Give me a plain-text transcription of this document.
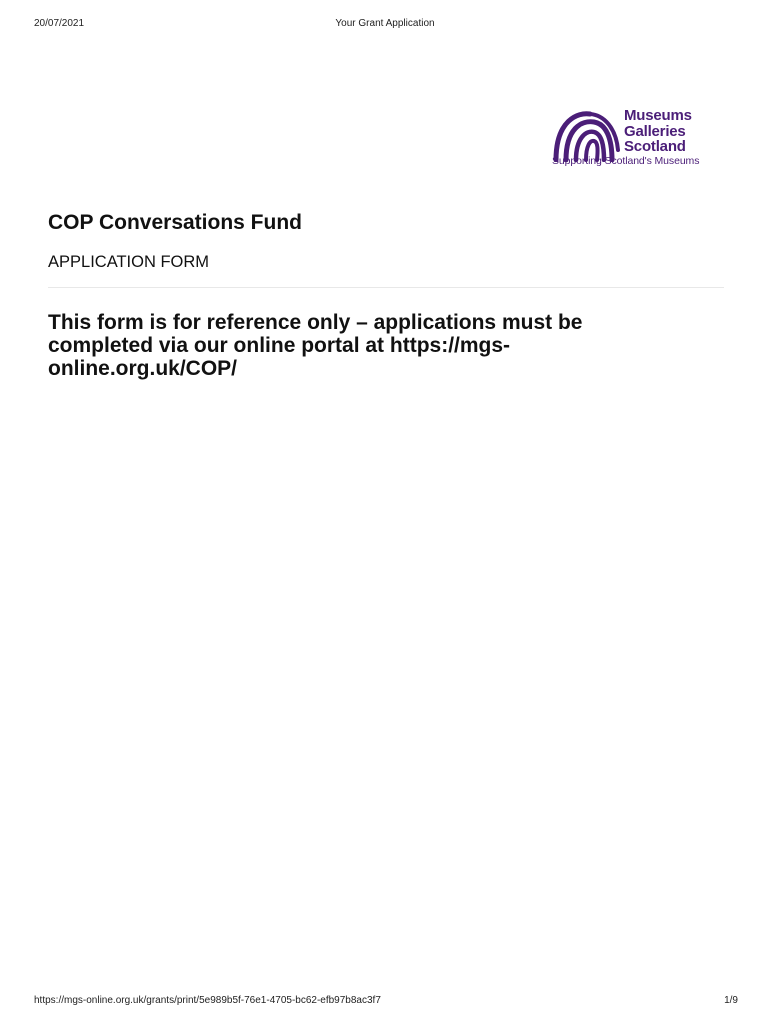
20/07/2021	Your Grant Application
Museums
Galleries
Scotland
Supporting Scotland's Museums
COP Conversations Fund
APPLICATION FORM
This form is for reference only – applications must be completed via our online portal at https://mgs-online.org.uk/COP/
https://mgs-online.org.uk/grants/print/5e989b5f-76e1-4705-bc62-efb97b8ac3f7	1/9
